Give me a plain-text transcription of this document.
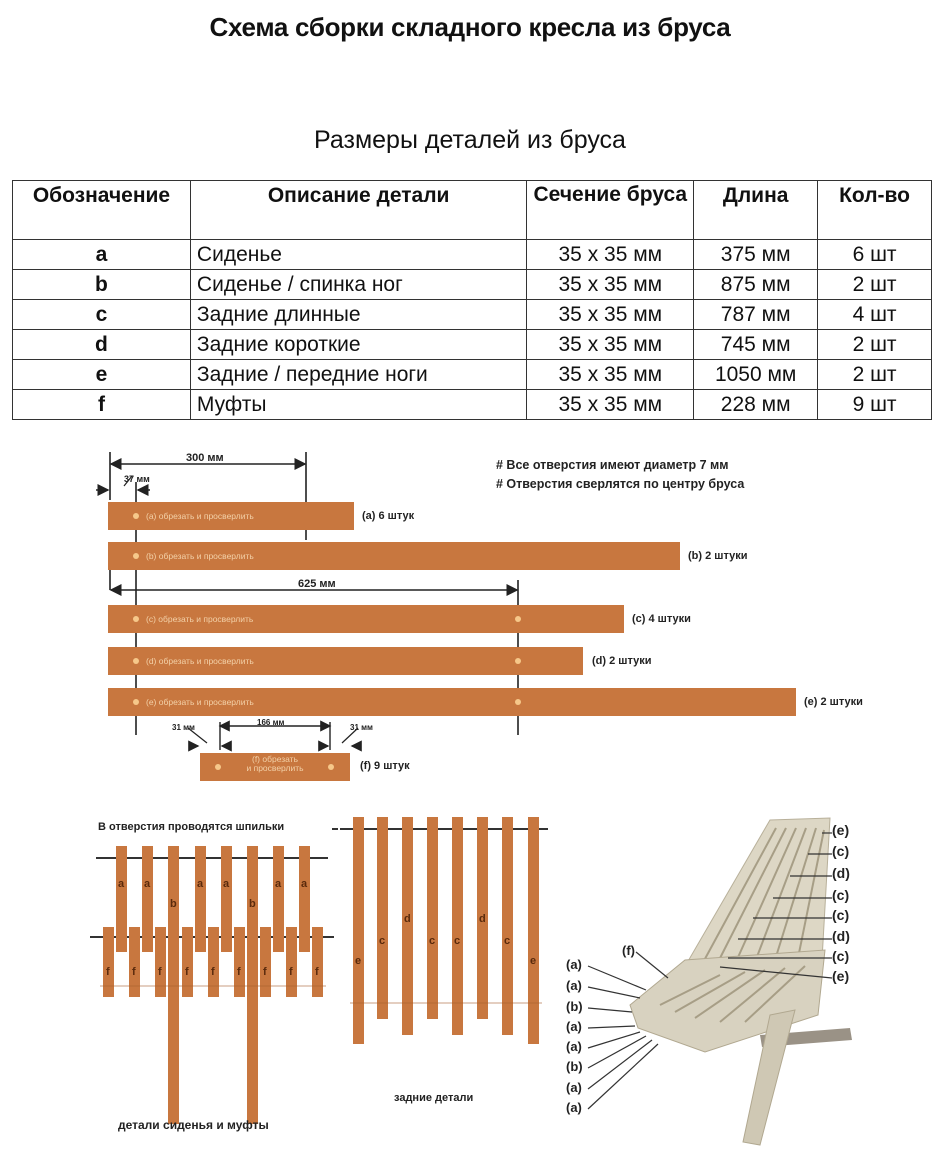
Схема сборки складного кресла из бруса
Размеры деталей из бруса
Обозначение	Описание детали	Сечение бруса	Длина	Кол-во
a	Сиденье	35 x 35 мм	375 мм	6 шт
b	Сиденье / спинка ног	35 x 35 мм	875 мм	2 шт
c	Задние длинные	35 x 35 мм	787 мм	4 шт
d	Задние короткие	35 x 35 мм	745 мм	2 шт
e	Задние / передние ноги	35 x 35 мм	1050 мм	2 шт
f	Муфты	35 x 35 мм	228 мм	9 шт
300 мм
37 мм
625 мм
31 мм
166 мм
31 мм
# Все отверстия имеют диаметр 7 мм
# Отверстия сверлятся по центру бруса
(a) обрезать и просверлить	(a) 6 штук
(b) обрезать и просверлить	(b) 2 штуки
(c) обрезать и просверлить	(c) 4 штуки
(d) обрезать и просверлить	(d) 2 штуки
(e) обрезать и просверлить	(e) 2 штуки
(f) обрезать
и просверлить	(f) 9 штук
В отверстия проводятся шпильки
детали сиденья и муфты
задние детали
a a
b
a a
b
a a
f f f f f f f f f
e
c
d
c c
d
c
e
(e)
(c)
(d)
(c)
(c)
(d)
(c)
(e)
(a)
(a)
(b)
(a)
(a)
(b)
(a)
(a)
(f)
